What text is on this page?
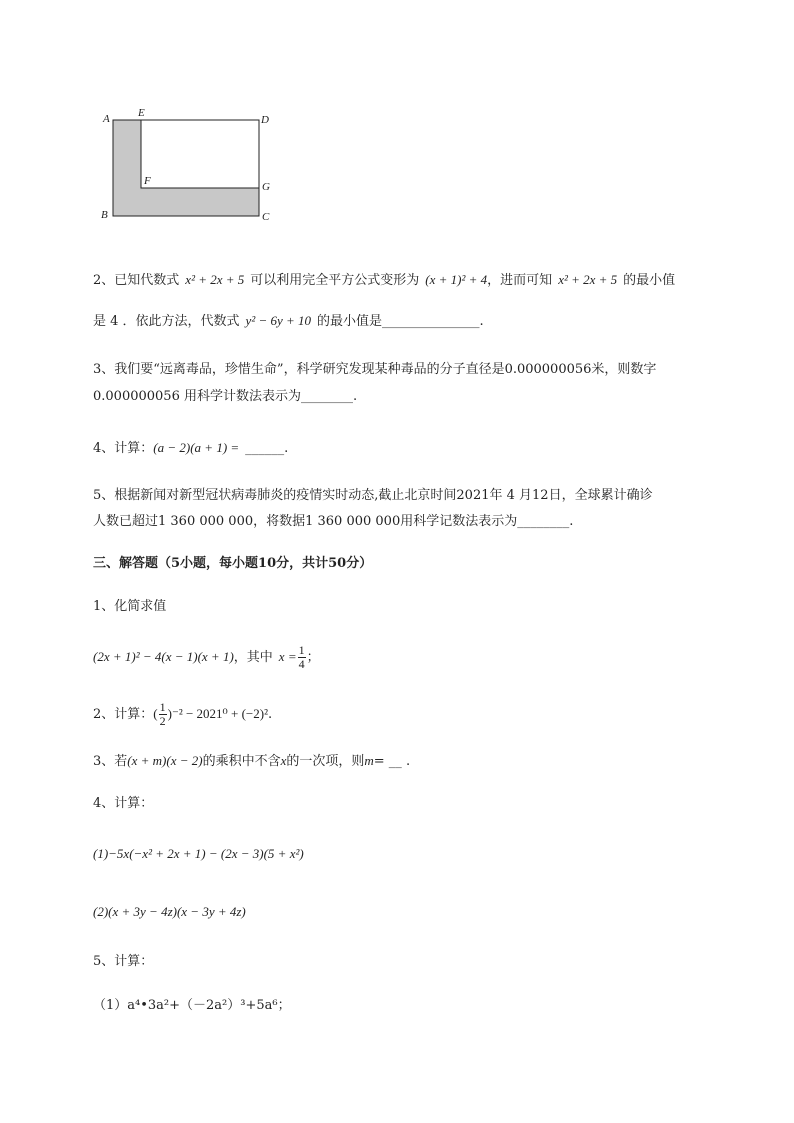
A	E
D
F	G
B	C
2、已知代数式 x² + 2x + 5 可以利用完全平方公式变形为 (x + 1)² + 4，进而可知 x² + 2x + 5 的最小值
是 4 ．依此方法，代数式 y² − 6y + 10 的最小值是_______________.
3、我们要“远离毒品，珍惜生命”，科学研究发现某种毒品的分子直径是0.000000056米，则数字
0.000000056 用科学计数法表示为________.
4、计算：(a − 2)(a + 1) = ______.
5、根据新闻对新型冠状病毒肺炎的疫情实时动态,截止北京时间2021年 4 月12日，全球累计确诊
人数已超过1 360 000 000，将数据1 360 000 000用科学记数法表示为________.
三、解答题（5小题，每小题10分，共计50分）
1、化简求值
(2x + 1)² − 4(x − 1)(x + 1)，其中 $x = \frac{1}{4}$ ；
2、计算：( $\frac{1}{2} )^{-2} - 2021^0 + (-2)^2$.
3、若(x + m)(x − 2)的乘积中不含x的一次项，则m= __ .
4、计算：
(1)−5x(−x² + 2x + 1) − (2x − 3)(5 + x²)
(2)(x + 3y − 4z)(x − 3y + 4z)
5、计算：
（1）a⁴•3a²+（－2a²）³+5a⁶；
